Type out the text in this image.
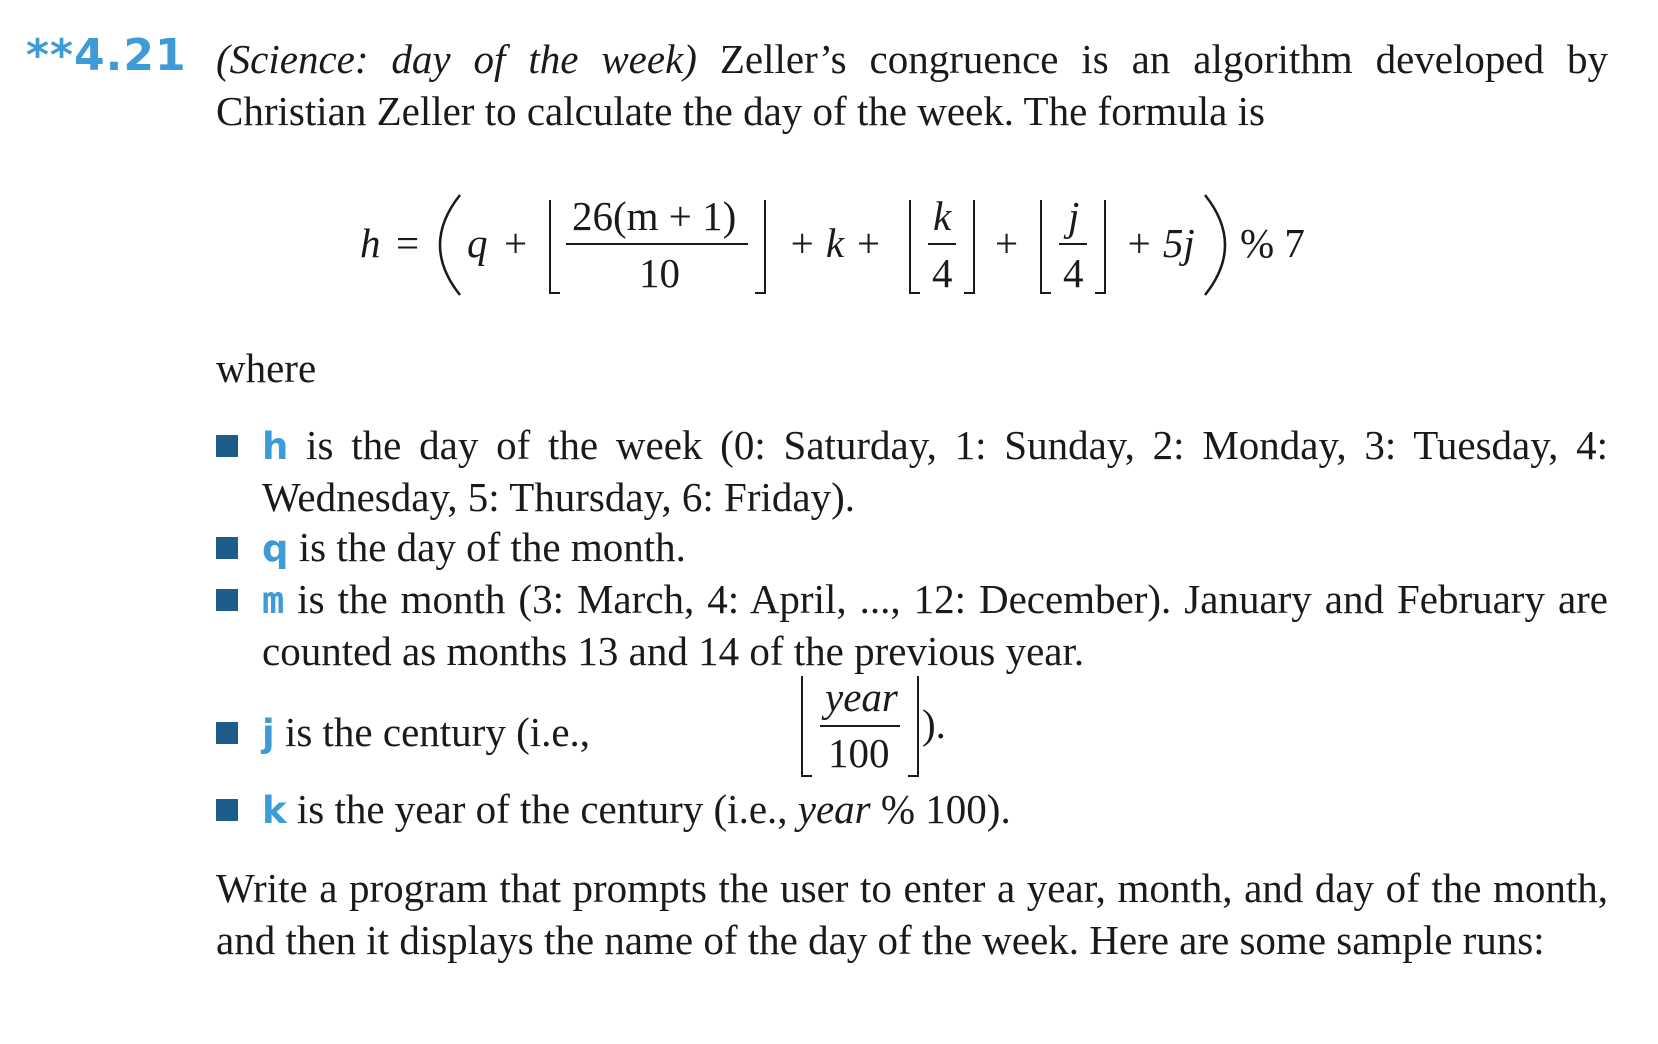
**4.21 (Science: day of the week) Zeller’s congruence is an algorithm developed by Christian Zeller to calculate the day of the week. The formula is
h = q +
26(m + 1)
10
+ k +
k
4
+
j
4
+ 5j % 7
where
h is the day of the week (0: Saturday, 1: Sunday, 2: Monday, 3: Tuesday, 4: Wednesday, 5: Thursday, 6: Friday).
q is the day of the month.
m is the month (3: March, 4: April, ..., 12: December). January and February are counted as months 13 and 14 of the previous year.
j is the century (i.e.,
year
100
).
k is the year of the century (i.e., year % 100).
Write a program that prompts the user to enter a year, month, and day of the month, and then it displays the name of the day of the week. Here are some sample runs:
